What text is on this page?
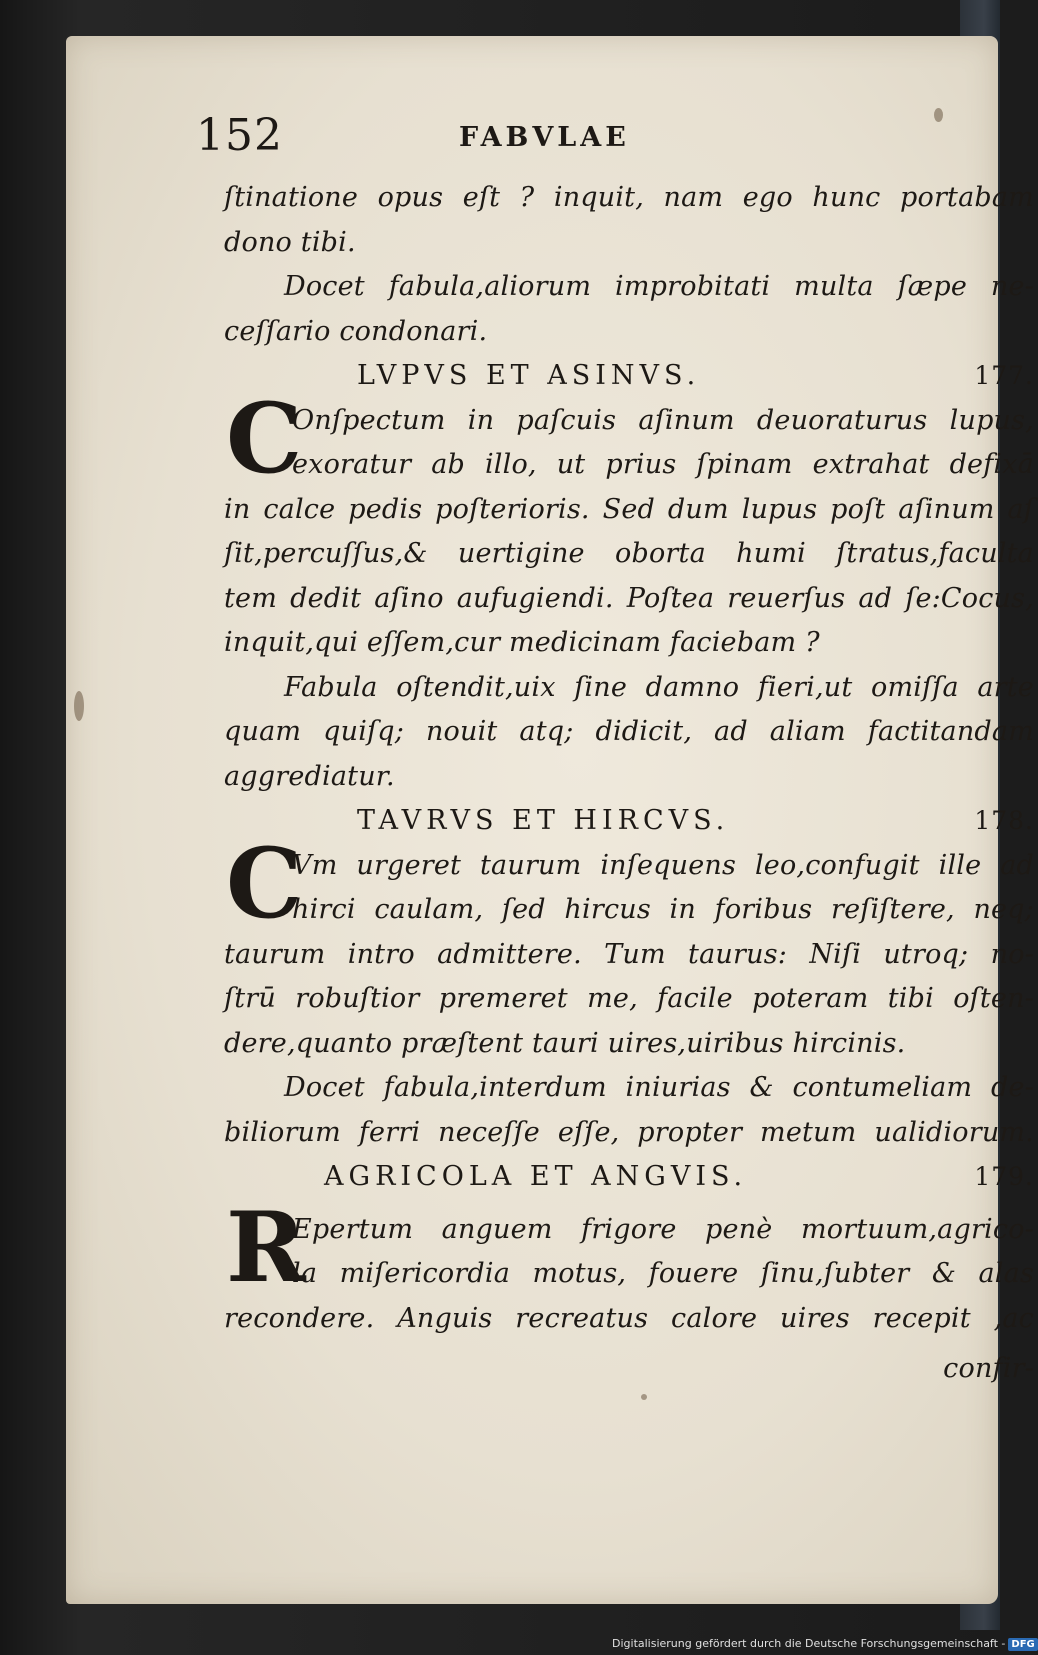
152	FABVLAE
ſtinatione opus eſt ? inquit, nam ego hunc portabam
dono tibi.
Docet fabula,aliorum improbitati multa ſæpe ne-
ceſſario condonari.
LVPVS ET ASINVS.	177.
C
Onſpectum in paſcuis aſinum deuoraturus lupus,
exoratur ab illo, ut prius ſpinam extrahat defixā
in calce pedis poſterioris. Sed dum lupus poſt aſinum aſ
ſit,percuſſus,& uertigine oborta humi ſtratus,faculta
tem dedit aſino aufugiendi. Poſtea reuerſus ad ſe:Cocus,
inquit,qui eſſem,cur medicinam faciebam ?
Fabula oſtendit,uix ſine damno fieri,ut omiſſa arte
quam quiſq; nouit atq; didicit, ad aliam factitandam
aggrediatur.
TAVRVS ET HIRCVS.	178.
C
Vm urgeret taurum inſequens leo,confugit ille ad
hirci caulam, ſed hircus in foribus reſiſtere, neq;
taurum intro admittere. Tum taurus: Niſi utroq; no-
ſtrū robuſtior premeret me, facile poteram tibi oſten-
dere,quanto præſtent tauri uires,uiribus hircinis.
Docet fabula,interdum iniurias & contumeliam de-
biliorum ferri neceſſe eſſe, propter metum ualidiorum.
AGRICOLA ET ANGVIS.	179.
R
Epertum anguem frigore penè mortuum,agrico-
la miſericordia motus, fouere ſinu,ſubter & alas
recondere. Anguis recreatus calore uires recepit ,ac
confir-
Digitalisierung gefördert durch die Deutsche Forschungsgemeinschaft - DFG
